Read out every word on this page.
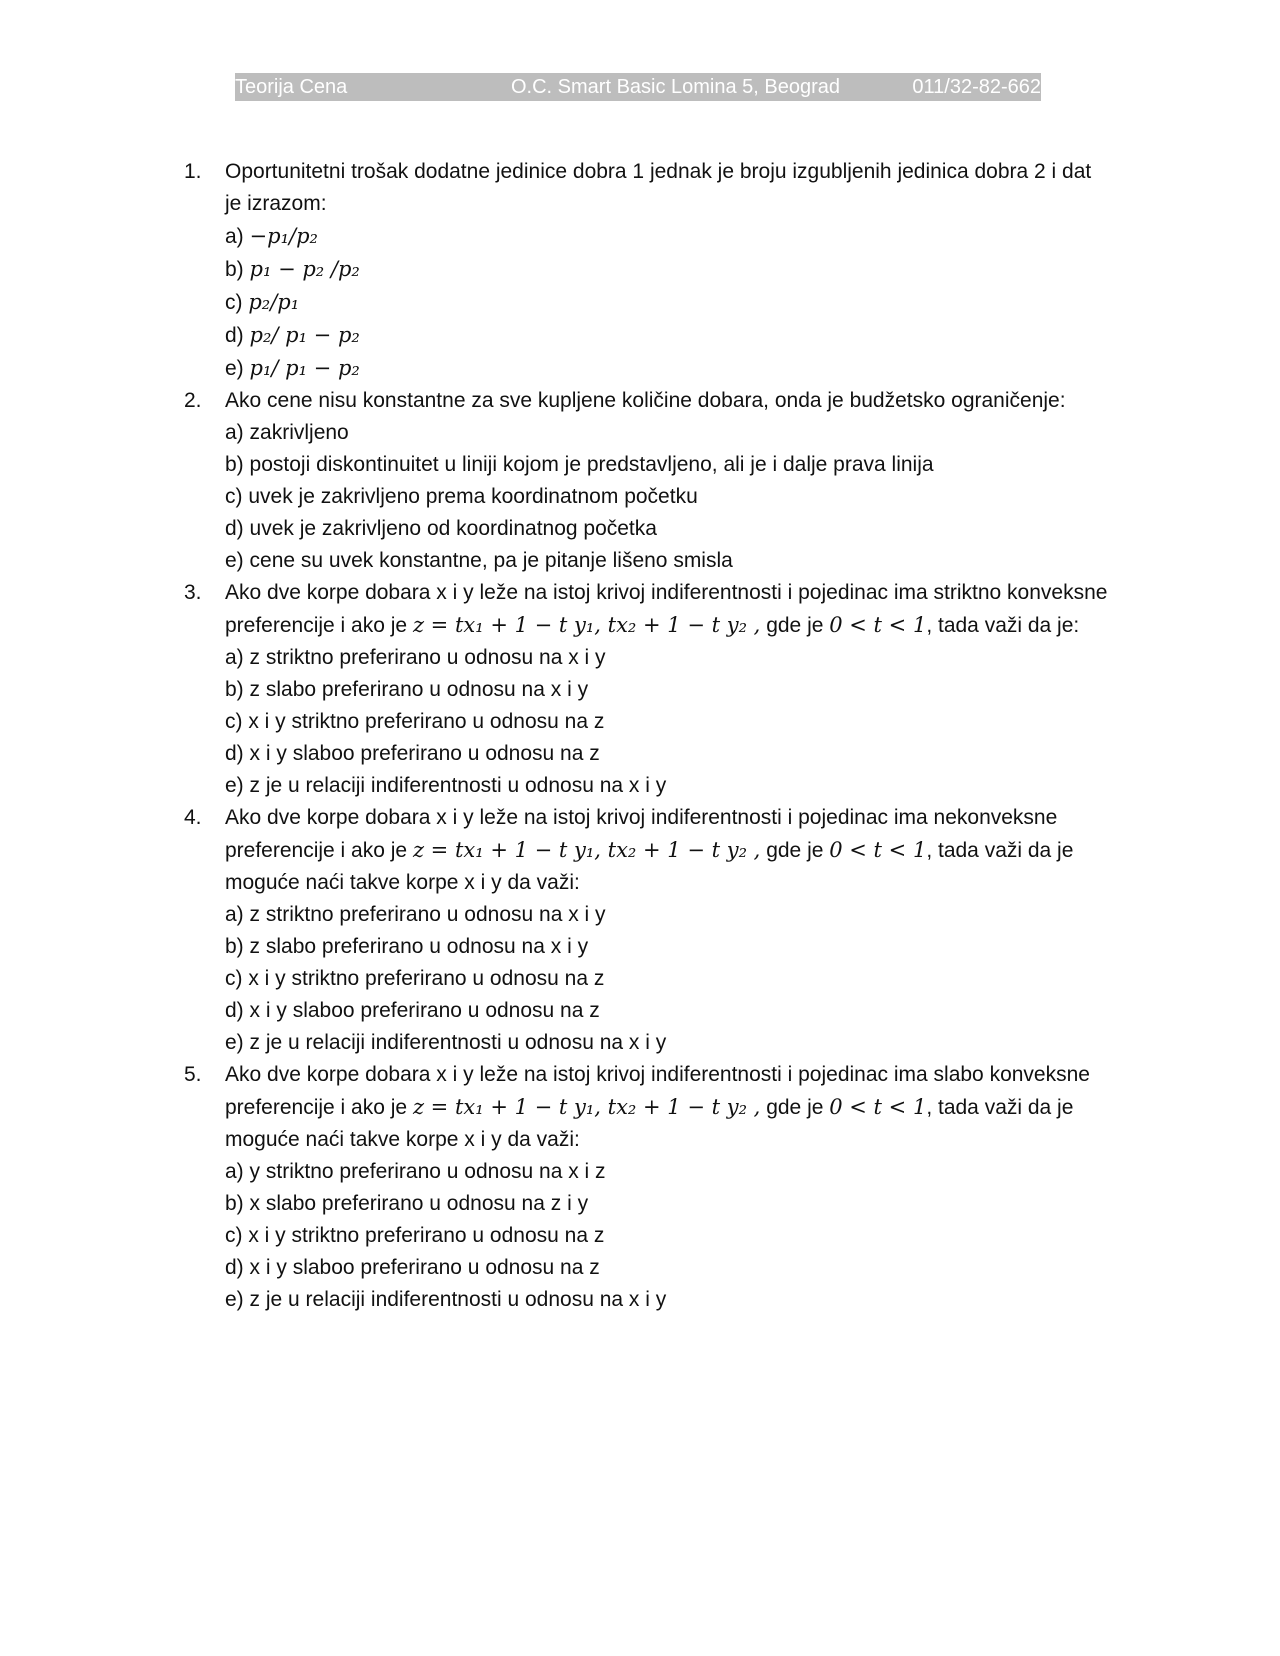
Teorija Cena	O.C. Smart Basic Lomina 5, Beograd	011/32-82-662
1.	Oportunitetni trošak dodatne jedinice dobra 1 jednak je broju izgubljenih jedinica dobra 2 i dat
je izrazom:
a) −p₁/p₂
b) p₁ − p₂ /p₂
c) p₂/p₁
d) p₂/ p₁ − p₂
e) p₁/ p₁ − p₂
2.	Ako cene nisu konstantne za sve kupljene količine dobara, onda je budžetsko ograničenje:
a) zakrivljeno
b) postoji diskontinuitet u liniji kojom je predstavljeno, ali je i dalje prava linija
c) uvek je zakrivljeno prema koordinatnom početku
d) uvek je zakrivljeno od koordinatnog početka
e) cene su uvek konstantne, pa je pitanje lišeno smisla
3.	Ako dve korpe dobara x i y leže na istoj krivoj indiferentnosti i pojedinac ima striktno konveksne
preferencije i ako je z = tx₁ + 1 − t y₁, tx₂ + 1 − t y₂ , gde je 0 < t < 1, tada važi da je:
a) z striktno preferirano u odnosu na x i y
b) z slabo preferirano u odnosu na x i y
c) x i y striktno preferirano u odnosu na z
d) x i y slaboo preferirano u odnosu na z
e) z je u relaciji indiferentnosti u odnosu na x i y
4.	Ako dve korpe dobara x i y leže na istoj krivoj indiferentnosti i pojedinac ima nekonveksne
preferencije i ako je z = tx₁ + 1 − t y₁, tx₂ + 1 − t y₂ , gde je 0 < t < 1, tada važi da je
moguće naći takve korpe x i y da važi:
a) z striktno preferirano u odnosu na x i y
b) z slabo preferirano u odnosu na x i y
c) x i y striktno preferirano u odnosu na z
d) x i y slaboo preferirano u odnosu na z
e) z je u relaciji indiferentnosti u odnosu na x i y
5.	Ako dve korpe dobara x i y leže na istoj krivoj indiferentnosti i pojedinac ima slabo konveksne
preferencije i ako je z = tx₁ + 1 − t y₁, tx₂ + 1 − t y₂ , gde je 0 < t < 1, tada važi da je
moguće naći takve korpe x i y da važi:
a) y striktno preferirano u odnosu na x i z
b) x slabo preferirano u odnosu na z i y
c) x i y striktno preferirano u odnosu na z
d) x i y slaboo preferirano u odnosu na z
e) z je u relaciji indiferentnosti u odnosu na x i y
